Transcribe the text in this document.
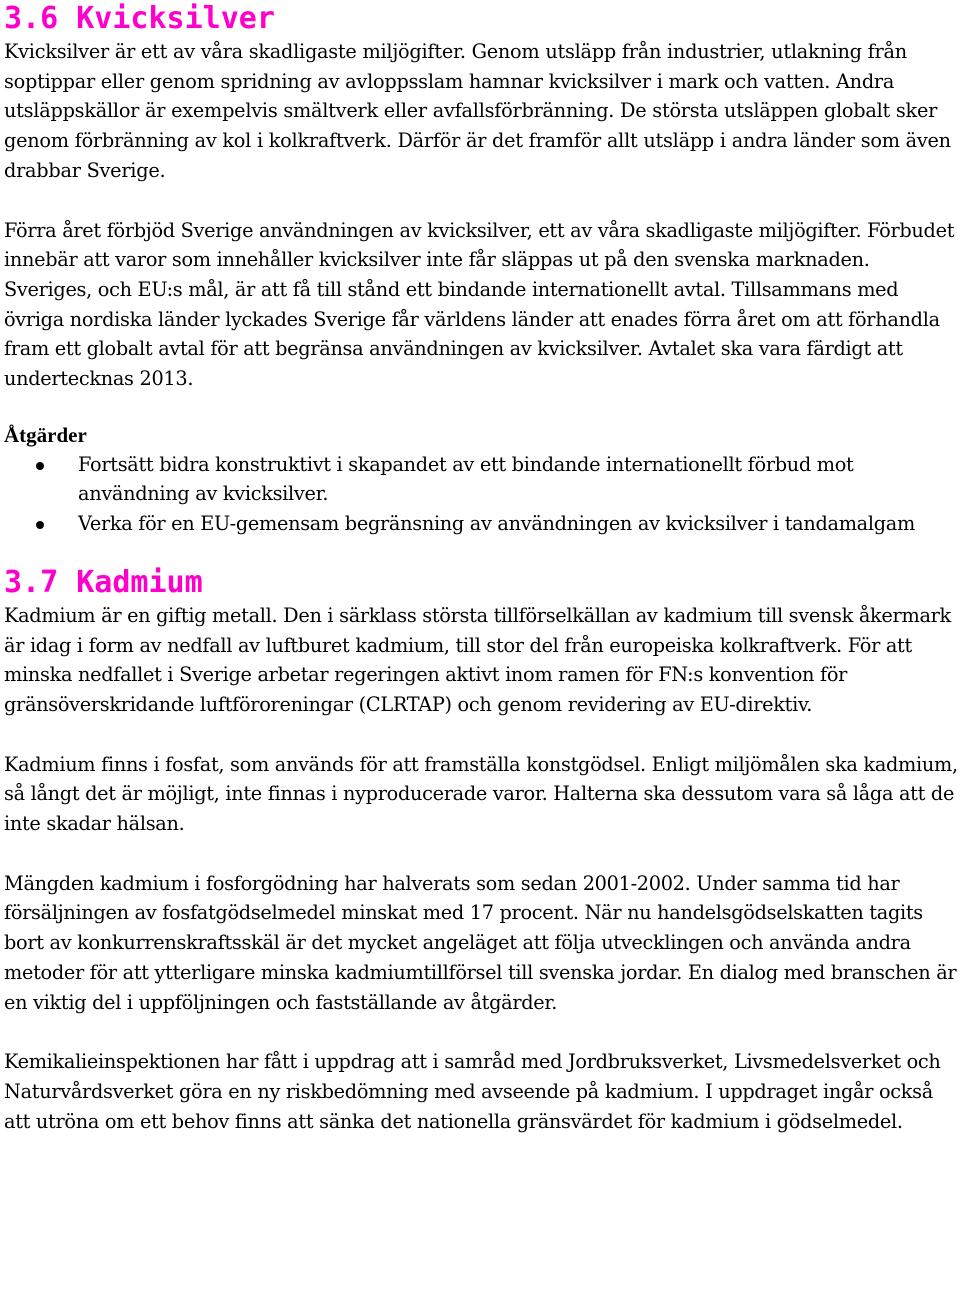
3.6 Kvicksilver

Kvicksilver är ett av våra skadligaste miljögifter. Genom utsläpp från industrier, utlakning från soptippar eller genom spridning av avloppsslam hamnar kvicksilver i mark och vatten. Andra utsläppskällor är exempelvis smältverk eller avfallsförbränning. De största utsläppen globalt sker genom förbränning av kol i kolkraftverk. Därför är det framför allt utsläpp i andra länder som även drabbar Sverige.

Förra året förbjöd Sverige användningen av kvicksilver, ett av våra skadligaste miljögifter. Förbudet innebär att varor som innehåller kvicksilver inte får släppas ut på den svenska marknaden. Sveriges, och EU:s mål, är att få till stånd ett bindande internationellt avtal. Tillsammans med övriga nordiska länder lyckades Sverige får världens länder att enades förra året om att förhandla fram ett globalt avtal för att begränsa användningen av kvicksilver. Avtalet ska vara färdigt att undertecknas 2013.

Åtgärder
Fortsätt bidra konstruktivt i skapandet av ett bindande internationellt förbud mot användning av kvicksilver.
Verka för en EU-gemensam begränsning av användningen av kvicksilver i tandamalgam
3.7 Kadmium

Kadmium är en giftig metall. Den i särklass största tillförselkällan av kadmium till svensk åkermark är idag i form av nedfall av luftburet kadmium, till stor del från europeiska kolkraftverk. För att minska nedfallet i Sverige arbetar regeringen aktivt inom ramen för FN:s konvention för gränsöverskridande luftföroreningar (CLRTAP) och genom revidering av EU-direktiv.

Kadmium finns i fosfat, som används för att framställa konstgödsel. Enligt miljömålen ska kadmium, så långt det är möjligt, inte finnas i nyproducerade varor. Halterna ska dessutom vara så låga att de inte skadar hälsan.

Mängden kadmium i fosforgödning har halverats som sedan 2001-2002. Under samma tid har försäljningen av fosfatgödselmedel minskat med 17 procent. När nu handelsgödselskatten tagits bort av konkurrenskraftsskäl är det mycket angeläget att följa utvecklingen och använda andra metoder för att ytterligare minska kadmiumtillförsel till svenska jordar. En dialog med branschen är en viktig del i uppföljningen och fastställande av åtgärder.

Kemikalieinspektionen har fått i uppdrag att i samråd med Jordbruksverket, Livsmedelsverket och Naturvårdsverket göra en ny riskbedömning med avseende på kadmium. I uppdraget ingår också att utröna om ett behov finns att sänka det nationella gränsvärdet för kadmium i gödselmedel.
